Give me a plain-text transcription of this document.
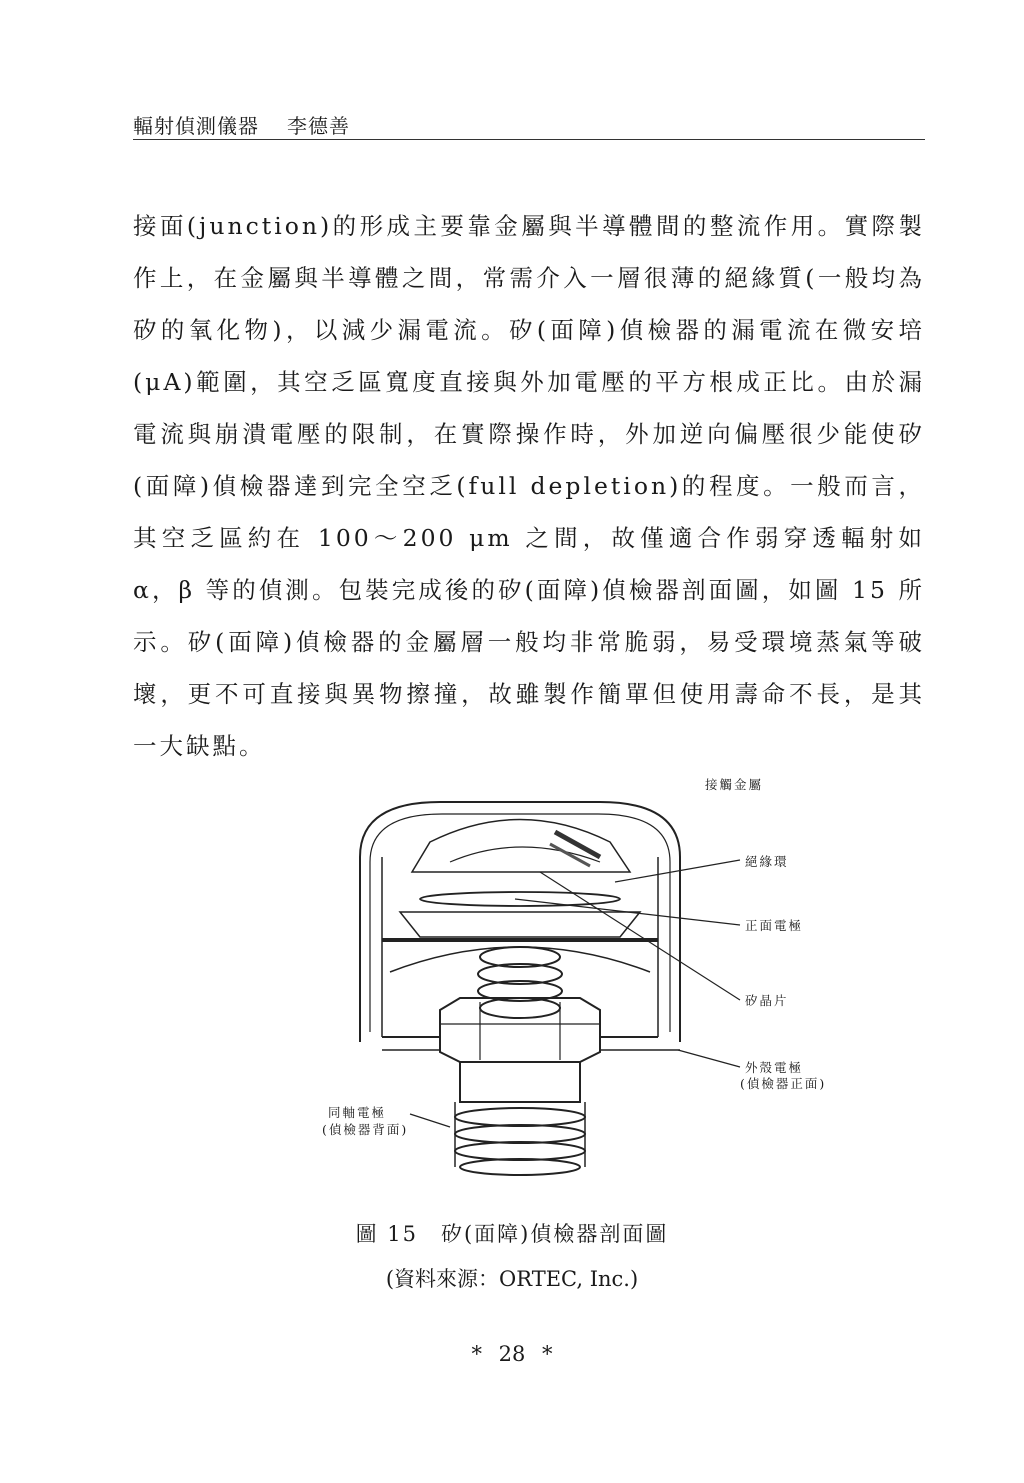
輻射偵測儀器 李德善

接面(junction)的形成主要靠金屬與半導體間的整流作用。實際製作上，在金屬與半導體之間，常需介入一層很薄的絕緣質(一般均為矽的氧化物)，以減少漏電流。矽(面障)偵檢器的漏電流在微安培(μA)範圍，其空乏區寬度直接與外加電壓的平方根成正比。由於漏電流與崩潰電壓的限制，在實際操作時，外加逆向偏壓很少能使矽(面障)偵檢器達到完全空乏(full depletion)的程度。一般而言，其空乏區約在 100～200 μm 之間，故僅適合作弱穿透輻射如 α，β 等的偵測。包裝完成後的矽(面障)偵檢器剖面圖，如圖 15 所示。矽(面障)偵檢器的金屬層一般均非常脆弱，易受環境蒸氣等破壞，更不可直接與異物擦撞，故雖製作簡單但使用壽命不長，是其一大缺點。

接觸金屬
絕緣環
正面電極
矽晶片
外殼電極
(偵檢器正面)
同軸電極
(偵檢器背面)
圖 15　矽(面障)偵檢器剖面圖
(資料來源：ORTEC, Inc.)
* 28 *
